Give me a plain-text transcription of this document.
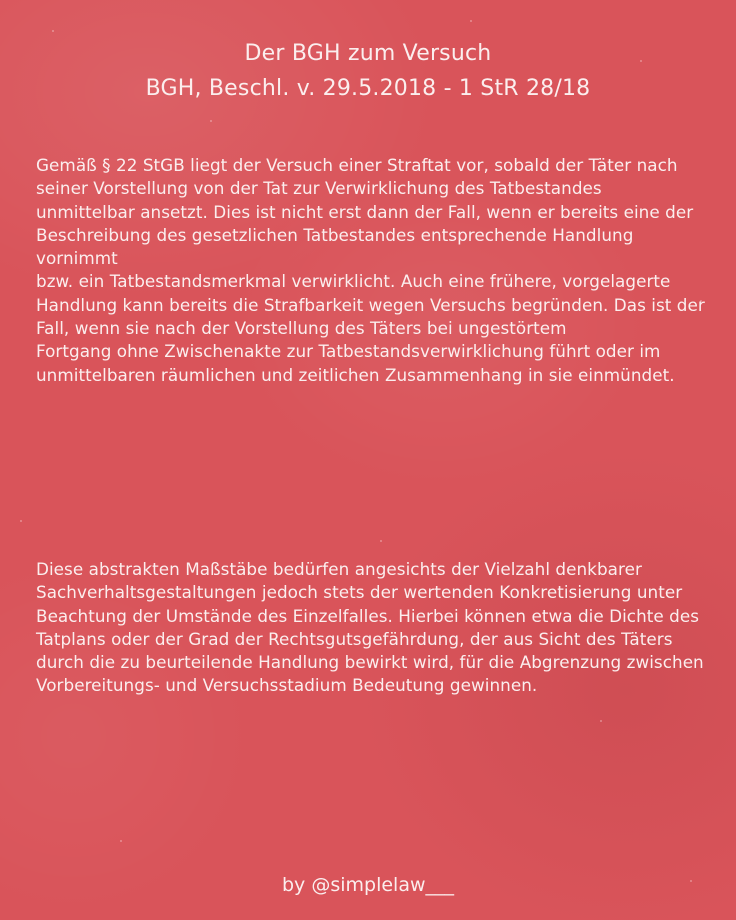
Der BGH zum Versuch
BGH, Beschl. v. 29.5.2018 - 1 StR 28/18

Gemäß § 22 StGB liegt der Versuch einer Straftat vor, sobald der Täter nach seiner Vorstellung von der Tat zur Verwirklichung des Tatbestandes
unmittelbar ansetzt. Dies ist nicht erst dann der Fall, wenn er bereits eine der
Beschreibung des gesetzlichen Tatbestandes entsprechende Handlung vornimmt
bzw. ein Tatbestandsmerkmal verwirklicht. Auch eine frühere, vorgelagerte
Handlung kann bereits die Strafbarkeit wegen Versuchs begründen. Das ist der Fall, wenn sie nach der Vorstellung des Täters bei ungestörtem
Fortgang ohne Zwischenakte zur Tatbestandsverwirklichung führt oder im unmittelbaren räumlichen und zeitlichen Zusammenhang in sie einmündet.

Diese abstrakten Maßstäbe bedürfen angesichts der Vielzahl denkbarer
Sachverhaltsgestaltungen jedoch stets der wertenden Konkretisierung unter
Beachtung der Umstände des Einzelfalles. Hierbei können etwa die Dichte des
Tatplans oder der Grad der Rechtsgutsgefährdung, der aus Sicht des Täters
durch die zu beurteilende Handlung bewirkt wird, für die Abgrenzung zwischen
Vorbereitungs- und Versuchsstadium Bedeutung gewinnen.

by @simplelaw___
